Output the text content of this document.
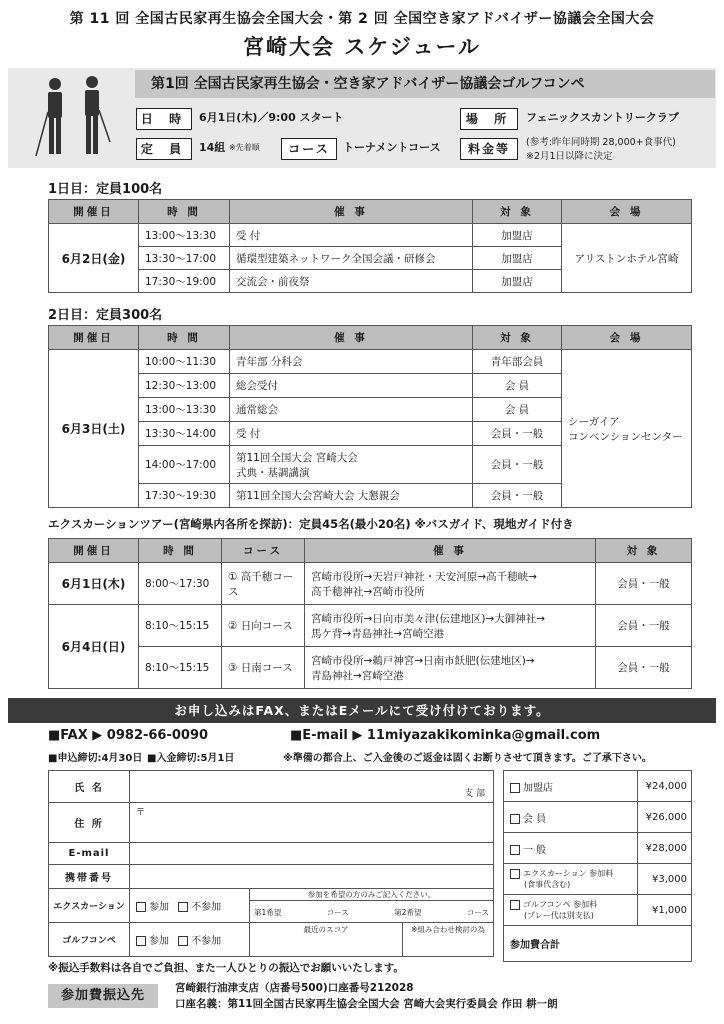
第 11 回 全国古民家再生協会全国大会・第 2 回 全国空き家アドバイザー協議会全国大会
宮崎大会 スケジュール
第1回 全国古民家再生協会・空き家アドバイザー協議会ゴルフコンペ
日 時	6月1日(木)／9:00 スタート	場 所	フェニックスカントリークラブ
定 員	14組 ※先着順	コース	トーナメントコース	料金等	(参考:昨年同時期 28,000+食事代)
※2月1日以降に決定
1日目：定員100名
開催日	時 間	催 事	対 象	会 場
6月2日(金)	13:00～13:30	受 付	加盟店	アリストンホテル宮崎
	13:30～17:00	循環型建築ネットワーク全国会議・研修会	加盟店	
	17:30～19:00	交流会・前夜祭	加盟店	
2日目：定員300名
開催日	時 間	催 事	対 象	会 場
6月3日(土)	10:00～11:30	青年部 分科会	青年部会員	シーガイア
コンベンションセンター

	12:30～13:00	総会受付	会 員	
	13:00～13:30	通常総会	会 員	
	13:30～14:00	受 付	会員・一般	
	14:00～17:00	第11回全国大会 宮崎大会
式典・基調講演	会員・一般	
	17:30～19:30	第11回全国大会宮崎大会 大懇親会	会員・一般	
エクスカーションツアー(宮崎県内各所を探訪)：定員45名(最小20名) ※バスガイド、現地ガイド付き
開催日	時 間	コース	催 事	対 象
6月1日(木)	8:00～17:30	① 高千穂コース	宮崎市役所→天岩戸神社・天安河原→高千穂峡→
高千穂神社→宮崎市役所	会員・一般
6月4日(日)	8:10～15:15	② 日向コース	宮崎市役所→日向市美々津(伝建地区)→大御神社→
馬ケ背→青島神社→宮崎空港	会員・一般
	8:10～15:15	③ 日南コース	宮崎市役所→鵜戸神宮→日南市飫肥(伝建地区)→
青島神社→宮崎空港	会員・一般
お申し込みはFAX、またはEメールにて受け付けております。
■FAX ▶ 0982-66-0090	■E-mail ▶ 11miyazakikominka@gmail.com
■申込締切:4月30日 ■入金締切:5月1日	※準備の都合上、ご入金後のご返金は固くお断りさせて頂きます。ご了承下さい。
氏 名	支 部		

住 所	〒		
E-mail			
携帯番号			
エクスカーション	参加 不参加	参加を希望の方のみご記入ください。
第1希望 コース 第2希望 コース	

ゴルフコンペ	参加 不参加	最近のスコア	※組み合わせ検討の為
加盟店	¥24,000
会 員	¥26,000
一 般	¥28,000
エクスカーション 参加料
(食事代含む)	¥3,000
ゴルフコンペ 参加料
(プレー代は別支払)	¥1,000
参加費合計	
※振込手数料は各自でご負担、また一人ひとりの振込でお願いいたします。
参加費振込先	宮崎銀行油津支店（店番号500)口座番号212028
口座名義：第11回全国古民家再生協会全国大会 宮崎大会実行委員会 作田 耕一朗
